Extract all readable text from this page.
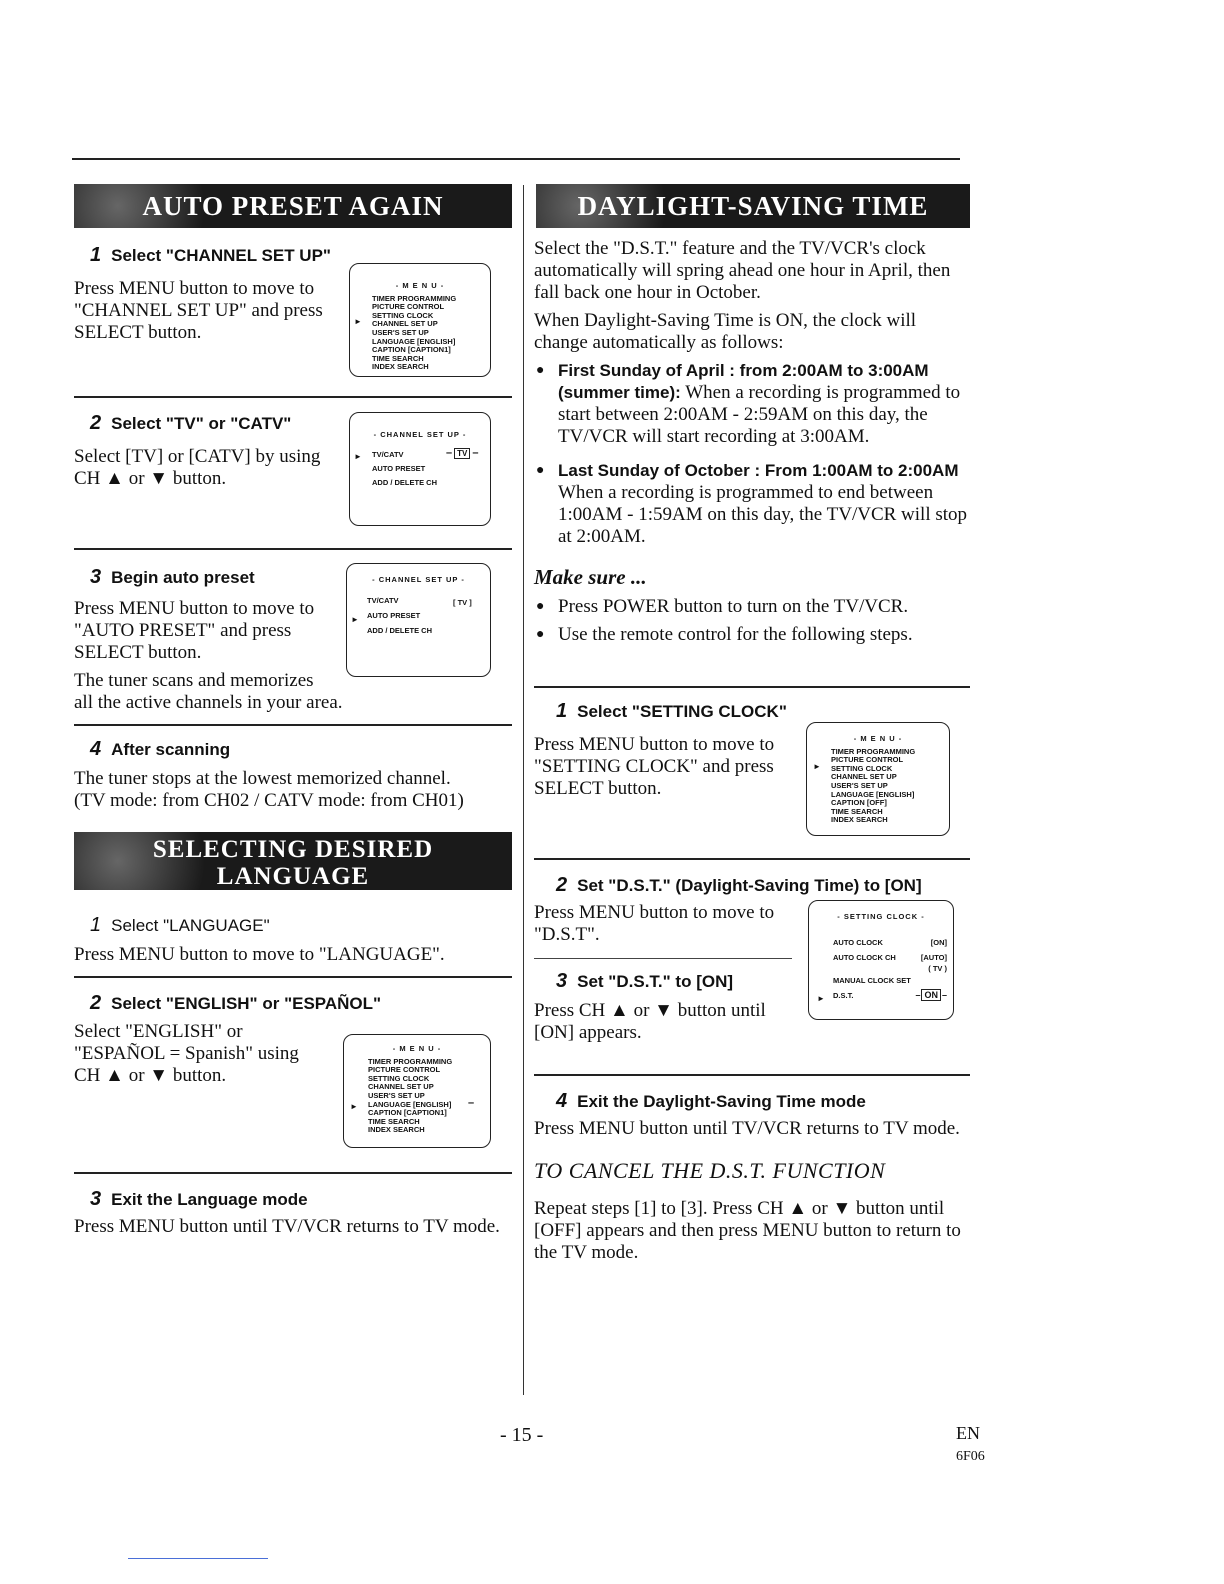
AUTO PRESET AGAIN
1 Select "CHANNEL SET UP"
Press MENU button to move to
"CHANNEL SET UP" and press
SELECT button.
- M E N U -
►
TIMER PROGRAMMING
PICTURE CONTROL
SETTING CLOCK
CHANNEL SET UP
USER'S SET UP
LANGUAGE [ENGLISH]
CAPTION [CAPTION1]
TIME SEARCH
INDEX SEARCH
2 Select "TV" or "CATV"
Select [TV] or [CATV] by using
CH ▲ or ▼ button.
- CHANNEL SET UP -
► TV/CATV
AUTO PRESET
ADD / DELETE CH
– TV –
3 Begin auto preset
Press MENU button to move to
"AUTO PRESET" and press
SELECT button.
The tuner scans and memorizes
all the active channels in your area.
- CHANNEL SET UP -
►
TV/CATV
AUTO PRESET
ADD / DELETE CH
[ TV ]
4 After scanning
The tuner stops at the lowest memorized channel.
(TV mode: from CH02 / CATV mode: from CH01)
SELECTING DESIRED
LANGUAGE
1 Select "LANGUAGE"
Press MENU button to move to "LANGUAGE".
2 Select "ENGLISH" or "ESPAÑOL"
Select "ENGLISH" or
"ESPAÑOL = Spanish" using
CH ▲ or ▼ button.
- M E N U -
►
TIMER PROGRAMMING
PICTURE CONTROL
SETTING CLOCK
CHANNEL SET UP
USER'S SET UP
LANGUAGE [ENGLISH]
CAPTION [CAPTION1]
TIME SEARCH
INDEX SEARCH
–
3 Exit the Language mode
Press MENU button until TV/VCR returns to TV mode.
DAYLIGHT-SAVING TIME
Select the "D.S.T." feature and the TV/VCR's clock
automatically will spring ahead one hour in April, then
fall back one hour in October.
When Daylight-Saving Time is ON, the clock will
change automatically as follows:
● First Sunday of April : from 2:00AM to 3:00AM
(summer time): When a recording is programmed to
start between 2:00AM - 2:59AM on this day, the
TV/VCR will start recording at 3:00AM.
● Last Sunday of October : From 1:00AM to 2:00AM
When a recording is programmed to end between
1:00AM - 1:59AM on this day, the TV/VCR will stop
at 2:00AM.
Make sure ...
● Press POWER button to turn on the TV/VCR.
● Use the remote control for the following steps.
1 Select "SETTING CLOCK"
Press MENU button to move to
"SETTING CLOCK" and press
SELECT button.
- M E N U -
►
TIMER PROGRAMMING
PICTURE CONTROL
SETTING CLOCK
CHANNEL SET UP
USER'S SET UP
LANGUAGE [ENGLISH]
CAPTION [OFF]
TIME SEARCH
INDEX SEARCH
2 Set "D.S.T." (Daylight-Saving Time) to [ON]
Press MENU button to move to
"D.S.T".
3 Set "D.S.T." to [ON]
Press CH ▲ or ▼ button until
[ON] appears.
- SETTING CLOCK -
AUTO CLOCK	[ON]
AUTO CLOCK CH	[AUTO]
( TV )
MANUAL CLOCK SET
D.S.T.	– ON –
►
4 Exit the Daylight-Saving Time mode
Press MENU button until TV/VCR returns to TV mode.
TO CANCEL THE D.S.T. FUNCTION
Repeat steps [1] to [3]. Press CH ▲ or ▼ button until
[OFF] appears and then press MENU button to return to
the TV mode.
- 15 -	EN
6F06
